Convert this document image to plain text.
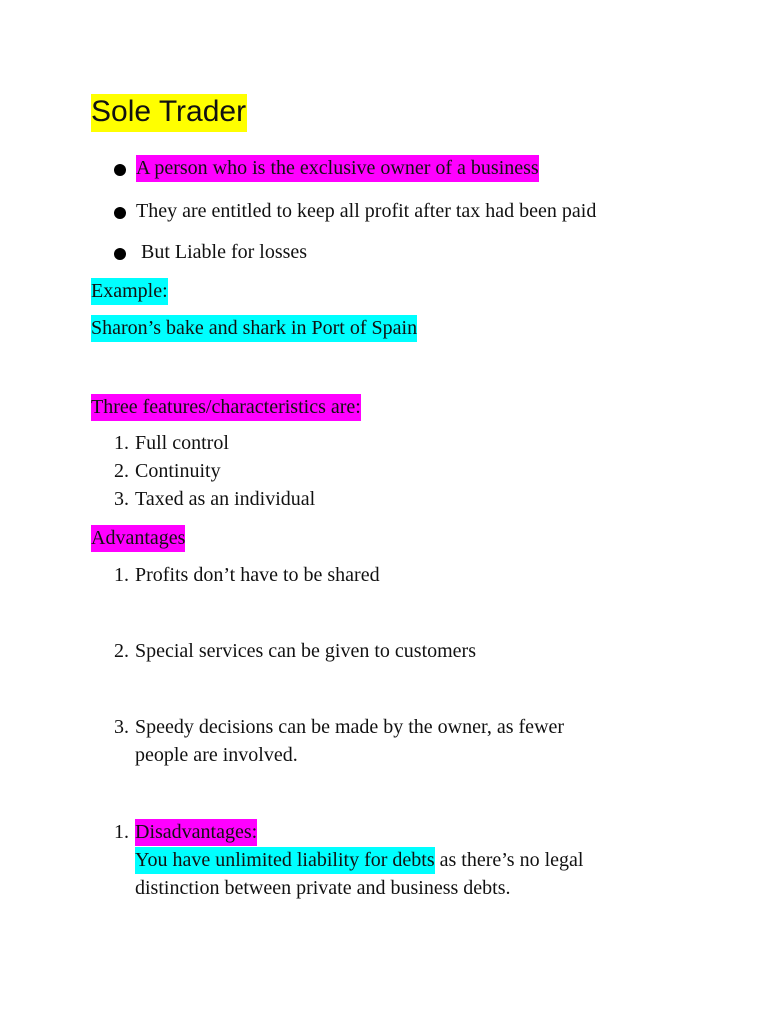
Sole Trader
A person who is the exclusive owner of a business
They are entitled to keep all profit after tax had been paid
But Liable for losses
Example:
Sharon’s bake and shark in Port of Spain
Three features/characteristics are:
1. Full control
2. Continuity
3. Taxed as an individual
Advantages
1. Profits don’t have to be shared
2. Special services can be given to customers
3. Speedy decisions can be made by the owner, as fewer
people are involved.
1. Disadvantages:
You have unlimited liability for debts as there’s no legal
distinction between private and business debts.
